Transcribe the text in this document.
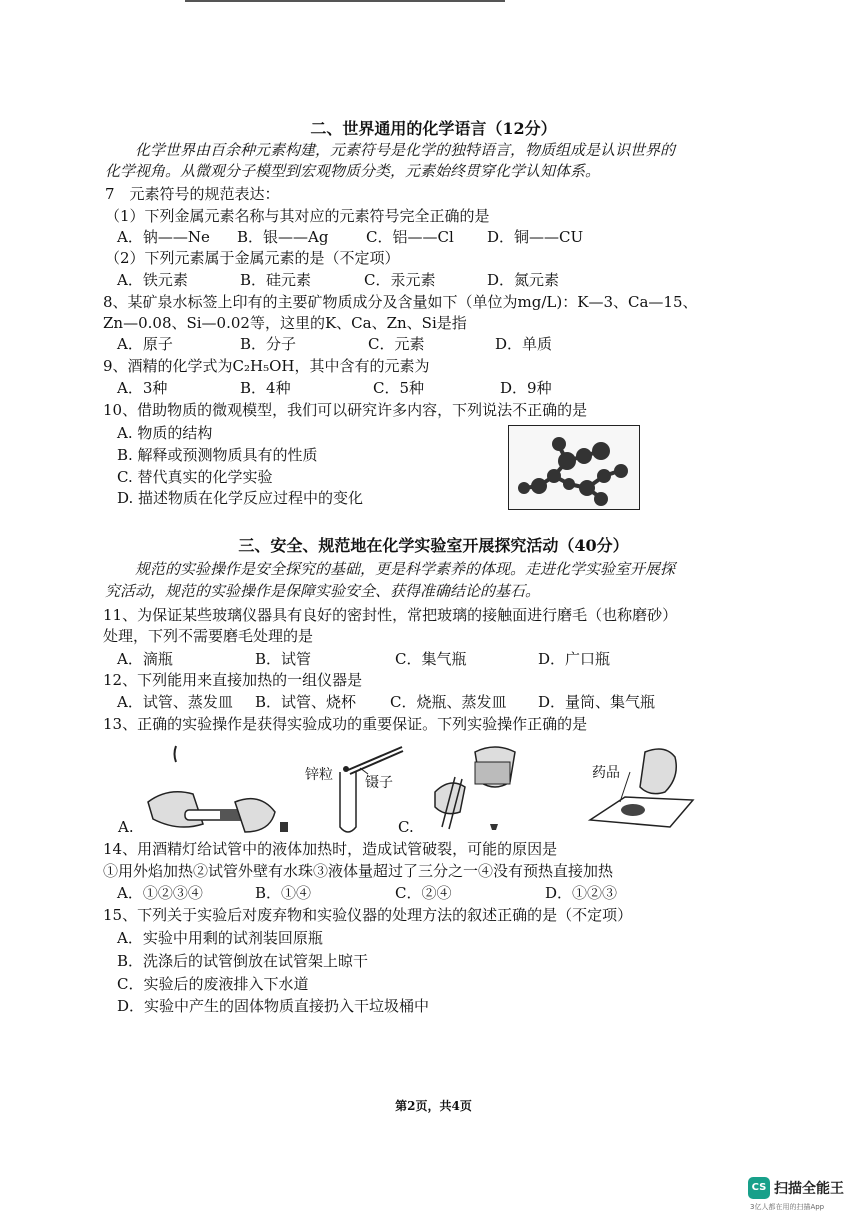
二、世界通用的化学语言（12分）
化学世界由百余种元素构建，元素符号是化学的独特语言，物质组成是认识世界的
化学视角。从微观分子模型到宏观物质分类，元素始终贯穿化学认知体系。
7　元素符号的规范表达：
（1）下列金属元素名称与其对应的元素符号完全正确的是
A．钠——Ne B．银——Ag	C．铝——Cl D．铜——CU
（2）下列元素属于金属元素的是（不定项）
A．铁元素	B．硅元素	C．汞元素	D．氮元素
8、某矿泉水标签上印有的主要矿物质成分及含量如下（单位为mg/L)：K—3、Ca—15、
Zn—0.08、Si—0.02等，这里的K、Ca、Zn、Si是指
A．原子	B．分子	C．元素	D．单质
9、酒精的化学式为C₂H₅OH，其中含有的元素为
A．3种	B．4种	C．5种	D．9种
10、借助物质的微观模型，我们可以研究许多内容，下列说法不正确的是
A. 物质的结构
B. 解释或预测物质具有的性质
C. 替代真实的化学实验
D. 描述物质在化学反应过程中的变化
三、安全、规范地在化学实验室开展探究活动（40分）
规范的实验操作是安全探究的基础，更是科学素养的体现。走进化学实验室开展探
究活动，规范的实验操作是保障实验安全、获得准确结论的基石。
11、为保证某些玻璃仪器具有良好的密封性，常把玻璃的接触面进行磨毛（也称磨砂）
处理，下列不需要磨毛处理的是
A．滴瓶	B．试管	C．集气瓶	D．广口瓶
12、下列能用来直接加热的一组仪器是
A．试管、蒸发皿 B．试管、烧杯 C．烧瓶、蒸发皿 D．量筒、集气瓶
13、正确的实验操作是获得实验成功的重要保证。下列实验操作正确的是
A.
锌粒 镊子
C.
药品
14、用酒精灯给试管中的液体加热时，造成试管破裂，可能的原因是
①用外焰加热②试管外壁有水珠③液体量超过了三分之一④没有预热直接加热
A．①②③④	B．①④	C．②④	D．①②③
15、下列关于实验后对废弃物和实验仪器的处理方法的叙述正确的是（不定项）
A．实验中用剩的试剂装回原瓶
B．洗涤后的试管倒放在试管架上晾干
C．实验后的废液排入下水道
D．实验中产生的固体物质直接扔入干垃圾桶中
第2页，共4页
CS 扫描全能王
3亿人都在用的扫描App
